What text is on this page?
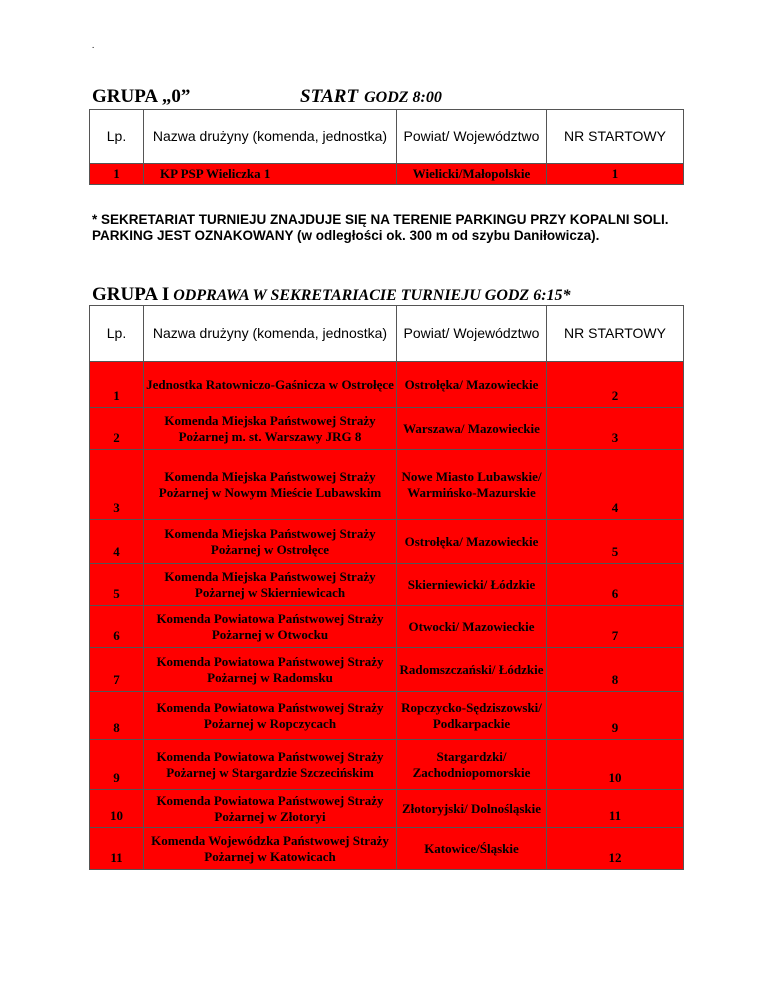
.
GRUPA „0”	START GODZ 8:00
Lp.	Nazwa drużyny (komenda, jednostka)	Powiat/ Województwo	NR STARTOWY
1	KP PSP Wieliczka 1	Wielicki/Małopolskie	1
* SEKRETARIAT TURNIEJU ZNAJDUJE SIĘ NA TERENIE PARKINGU PRZY KOPALNI SOLI. PARKING JEST OZNAKOWANY (w odległości ok. 300 m od szybu Daniłowicza).
GRUPA I ODPRAWA W SEKRETARIACIE TURNIEJU GODZ 6:15*
Lp.	Nazwa drużyny (komenda, jednostka)	Powiat/ Województwo	NR STARTOWY
1	Jednostka Ratowniczo-Gaśnicza w Ostrołęce	Ostrołęka/ Mazowieckie	2
2	Komenda Miejska Państwowej Straży Pożarnej m. st. Warszawy JRG 8	Warszawa/ Mazowieckie	3
3	Komenda Miejska Państwowej Straży Pożarnej w Nowym Mieście Lubawskim	Nowe Miasto Lubawskie/ Warmińsko-Mazurskie	4
4	Komenda Miejska Państwowej Straży Pożarnej w Ostrołęce	Ostrołęka/ Mazowieckie	5
5	Komenda Miejska Państwowej Straży Pożarnej w Skierniewicach	Skierniewicki/ Łódzkie	6
6	Komenda Powiatowa Państwowej Straży Pożarnej w Otwocku	Otwocki/ Mazowieckie	7
7	Komenda Powiatowa Państwowej Straży Pożarnej w Radomsku	Radomszczański/ Łódzkie	8
8	Komenda Powiatowa Państwowej Straży Pożarnej w Ropczycach	Ropczycko-Sędziszowski/ Podkarpackie	9
9	Komenda Powiatowa Państwowej Straży Pożarnej w Stargardzie Szczecińskim	Stargardzki/ Zachodniopomorskie	10
10	Komenda Powiatowa Państwowej Straży Pożarnej w Złotoryi	Złotoryjski/ Dolnośląskie	11
11	Komenda Wojewódzka Państwowej Straży Pożarnej w Katowicach	Katowice/Śląskie	12
